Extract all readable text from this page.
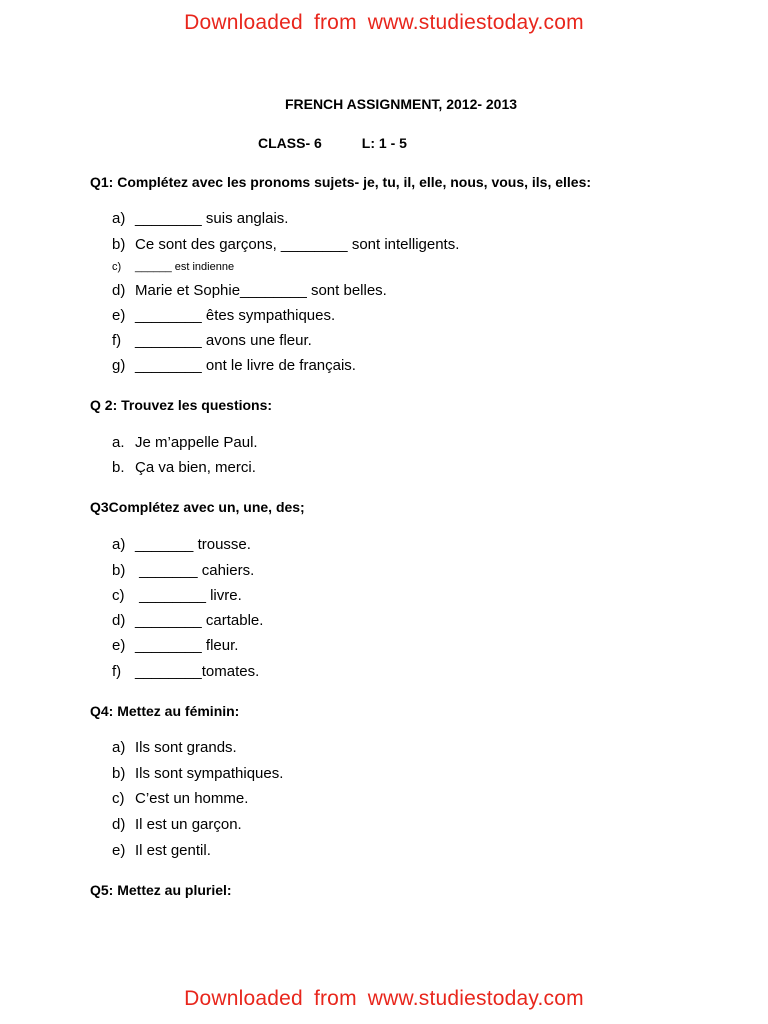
Downloaded from www.studiestoday.com
FRENCH ASSIGNMENT, 2012- 2013
CLASS- 6	L: 1 - 5
Q1: Complétez avec les pronoms sujets- je, tu, il, elle, nous, vous, ils, elles:
a) ________ suis anglais.
b) Ce sont des garçons, ________ sont intelligents.
c) ______ est indienne
d) Marie et Sophie________ sont belles.
e) ________ êtes sympathiques.
f) ________ avons une fleur.
g) ________ ont le livre de français.
Q 2: Trouvez les questions:
a. Je m’appelle Paul.
b. Ça va bien, merci.
Q3Complétez avec un, une, des;
a) _______ trousse.
b) _______ cahiers.
c) ________ livre.
d) ________ cartable.
e) ________ fleur.
f) ________tomates.
Q4: Mettez au féminin:
a) Ils sont grands.
b) Ils sont sympathiques.
c) C’est un homme.
d) Il est un garçon.
e) Il est gentil.
Q5: Mettez au pluriel:
Downloaded from www.studiestoday.com
